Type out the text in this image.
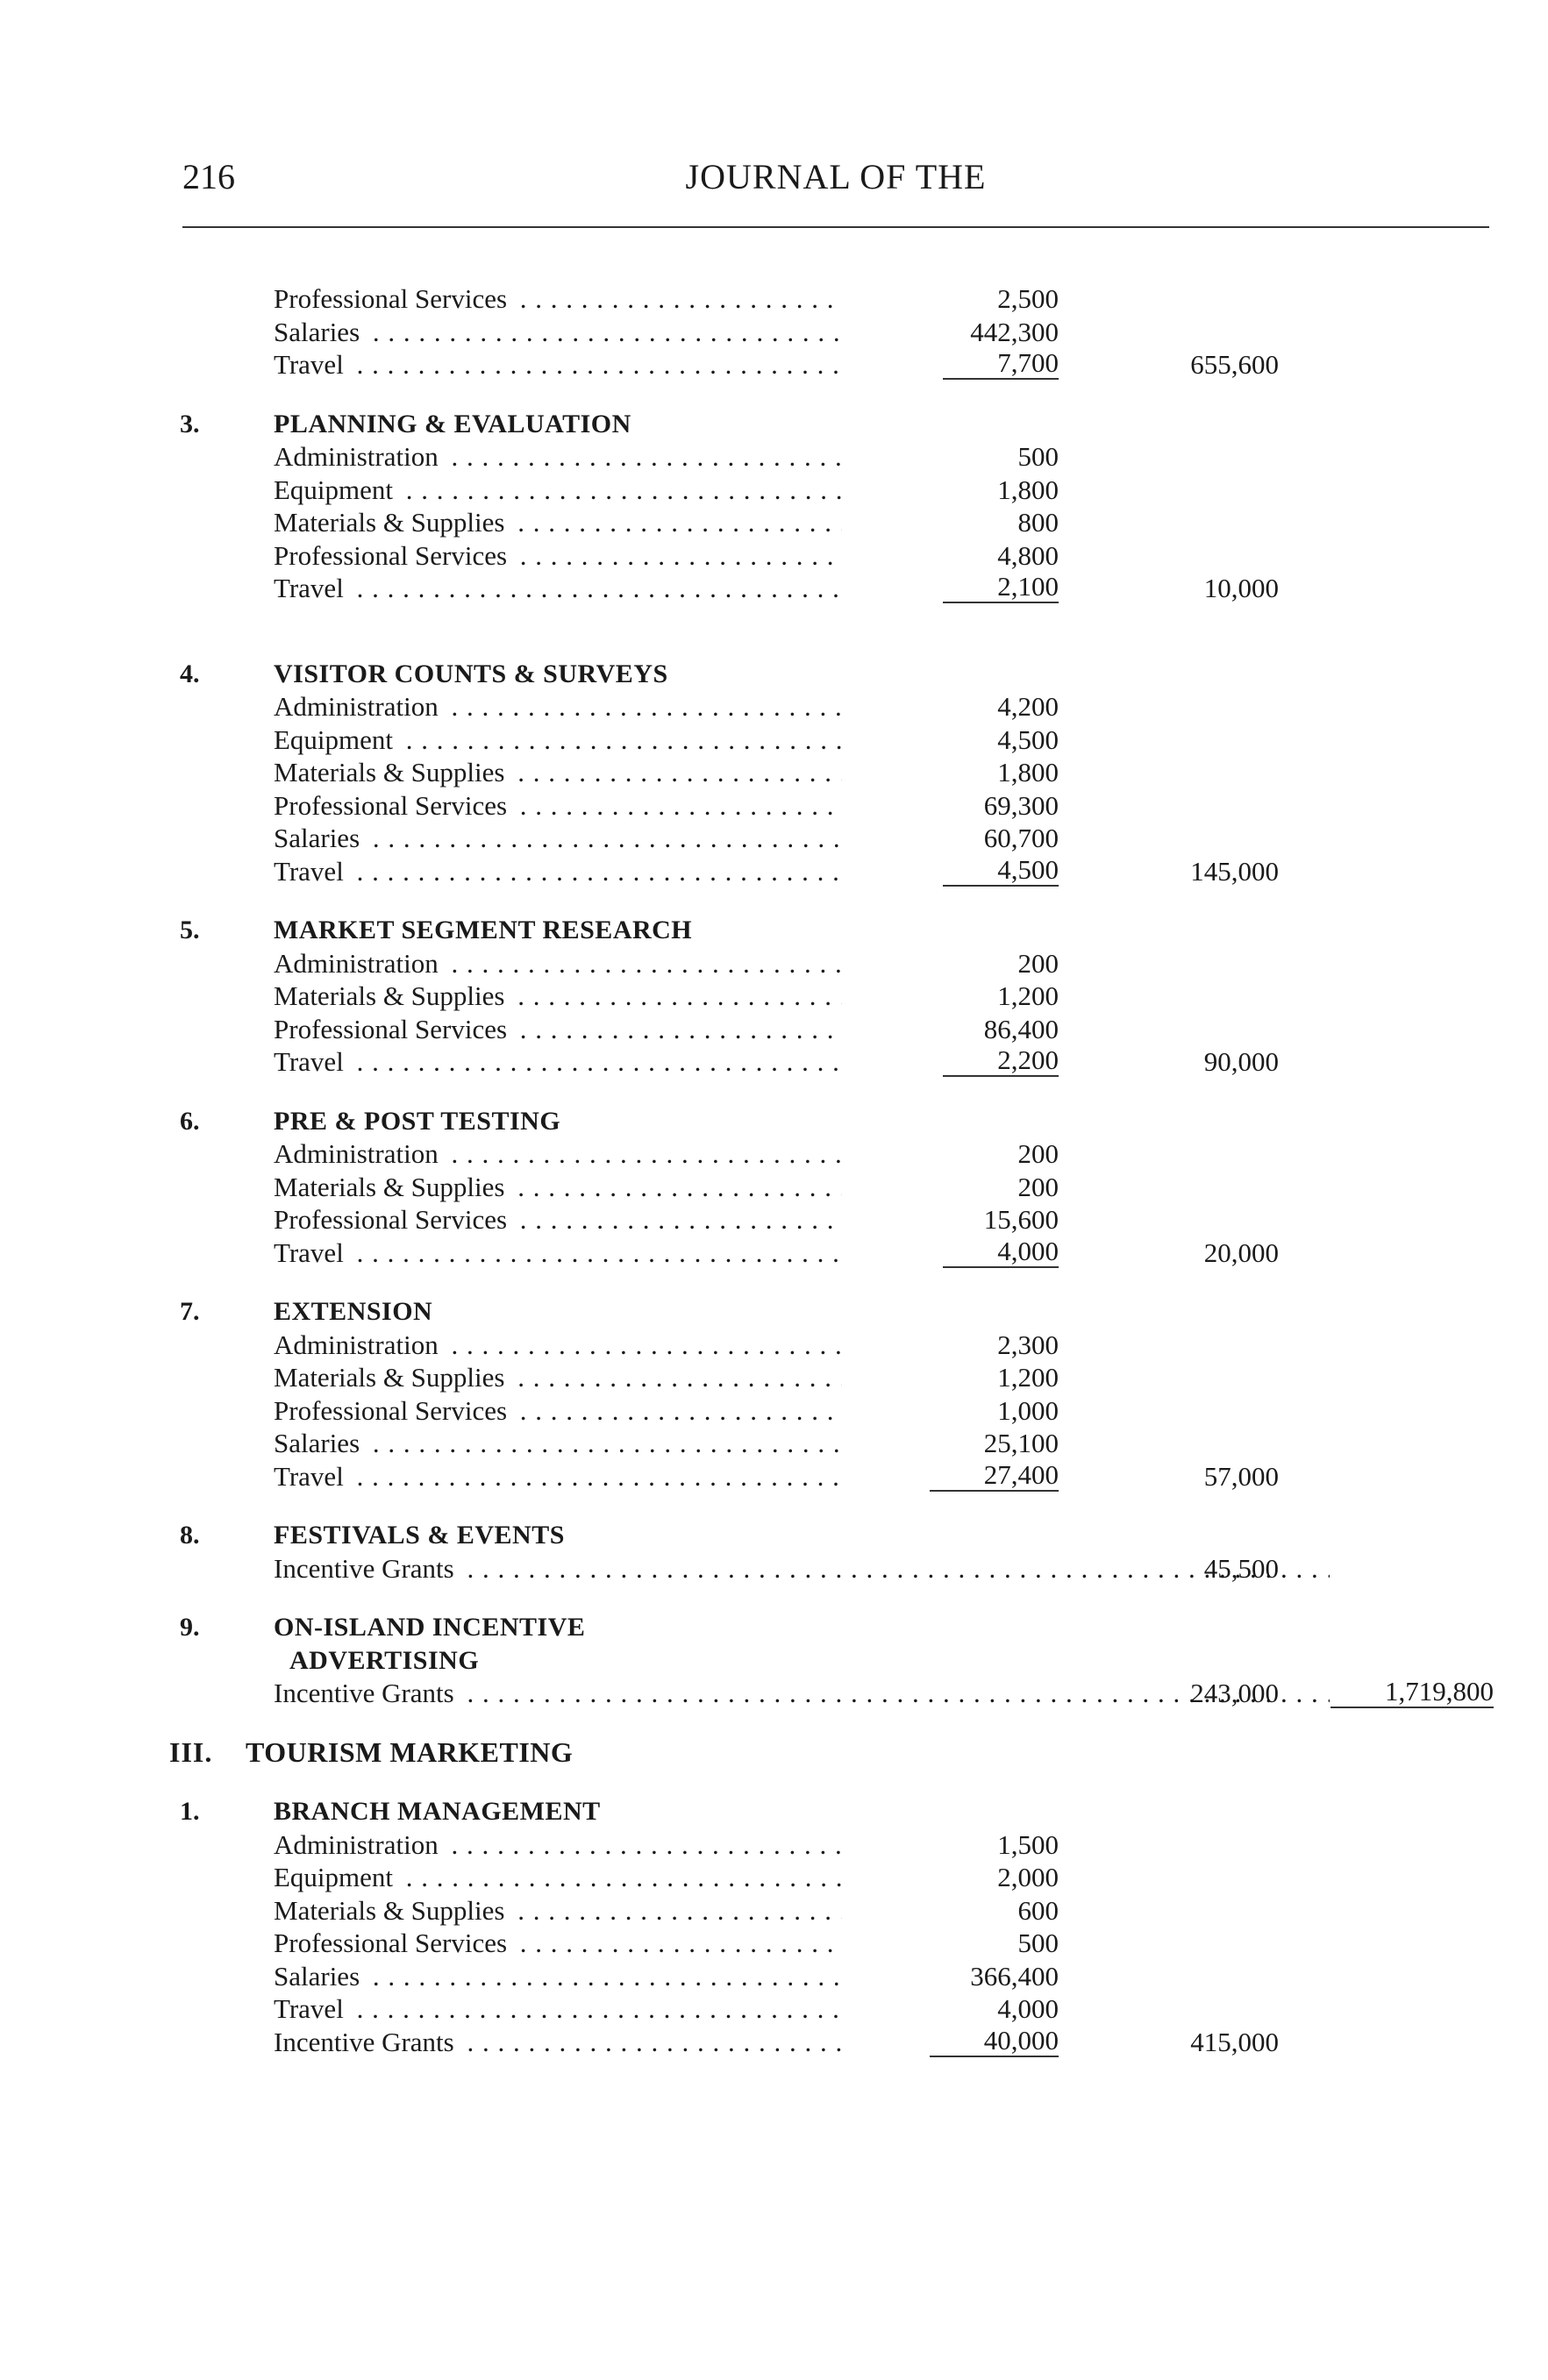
216	JOURNAL OF THE
Professional Services . . .	2,500
Salaries . . .	442,300
Travel . . .	7,700	655,600
3.	PLANNING & EVALUATION
Administration . . .	500
Equipment . . .	1,800
Materials & Supplies . . .	800
Professional Services . . .	4,800
Travel . . .	2,100	10,000
4.	VISITOR COUNTS & SURVEYS
Administration . . .	4,200
Equipment . . .	4,500
Materials & Supplies . . .	1,800
Professional Services . . .	69,300
Salaries . . .	60,700
Travel . . .	4,500	145,000
5.	MARKET SEGMENT RESEARCH
Administration . . .	200
Materials & Supplies . . .	1,200
Professional Services . . .	86,400
Travel . . .	2,200	90,000
6.	PRE & POST TESTING
Administration . . .	200
Materials & Supplies . . .	200
Professional Services . . .	15,600
Travel . . .	4,000	20,000
7.	EXTENSION
Administration . . .	2,300
Materials & Supplies . . .	1,200
Professional Services . . .	1,000
Salaries . . .	25,100
Travel . . .	27,400	57,000
8.	FESTIVALS & EVENTS
Incentive Grants . . .	45,500
9.	ON-ISLAND INCENTIVE
ADVERTISING
Incentive Grants . . .	243,000	1,719,800
III. TOURISM MARKETING
1.	BRANCH MANAGEMENT
Administration . . .	1,500
Equipment . . .	2,000
Materials & Supplies . . .	600
Professional Services . . .	500
Salaries . . .	366,400
Travel . . .	4,000
Incentive Grants . . .	40,000	415,000
